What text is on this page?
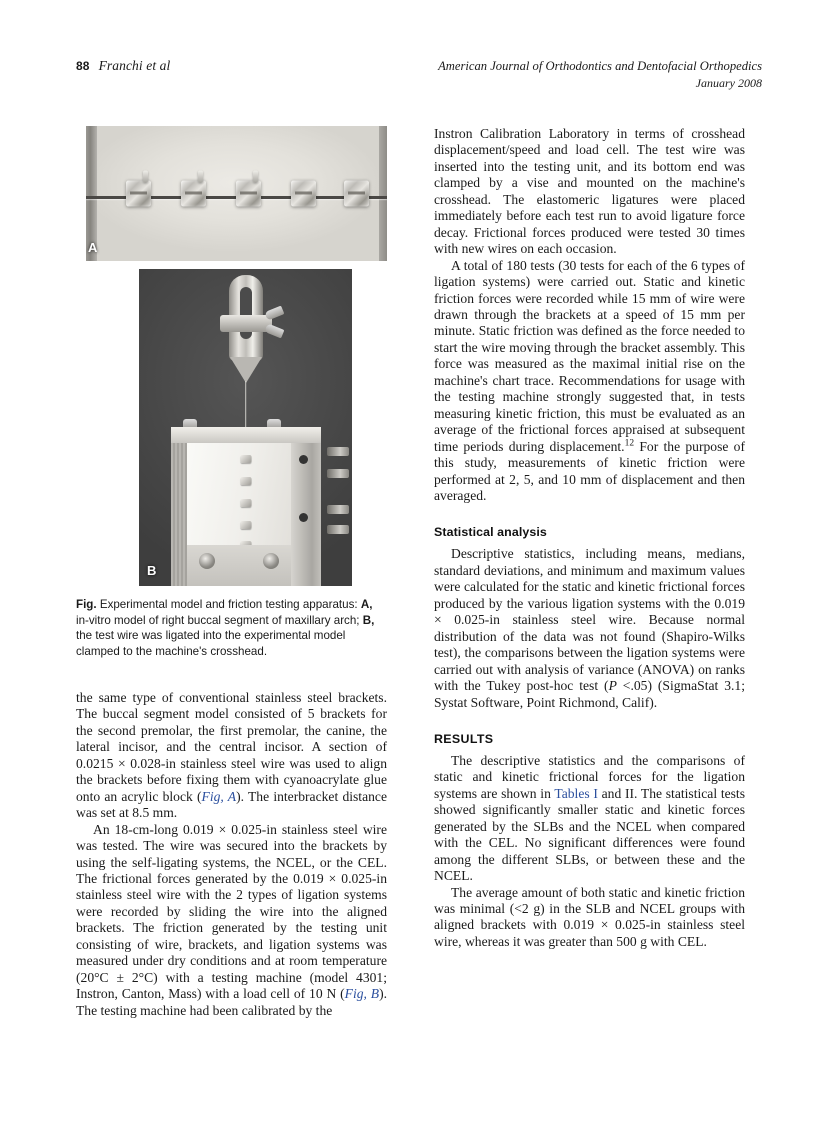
88 Franchi et al	American Journal of Orthodontics and Dentofacial Orthopedics
January 2008
A
B
Fig. Experimental model and friction testing apparatus: A, in-vitro model of right buccal segment of maxillary arch; B, the test wire was ligated into the experimental model clamped to the machine's crosshead.

the same type of conventional stainless steel brackets. The buccal segment model consisted of 5 brackets for the second premolar, the first premolar, the canine, the lateral incisor, and the central incisor. A section of 0.0215 × 0.028-in stainless steel wire was used to align the brackets before fixing them with cyanoacrylate glue onto an acrylic block (Fig, A). The interbracket distance was set at 8.5 mm.

An 18-cm-long 0.019 × 0.025-in stainless steel wire was tested. The wire was secured into the brackets by using the self-ligating systems, the NCEL, or the CEL. The frictional forces generated by the 0.019 × 0.025-in stainless steel wire with the 2 types of ligation systems were recorded by sliding the wire into the aligned brackets. The friction generated by the testing unit consisting of wire, brackets, and ligation systems was measured under dry conditions and at room temperature (20°C ± 2°C) with a testing machine (model 4301; Instron, Canton, Mass) with a load cell of 10 N (Fig, B). The testing machine had been calibrated by the

Instron Calibration Laboratory in terms of crosshead displacement/speed and load cell. The test wire was inserted into the testing unit, and its bottom end was clamped by a vise and mounted on the machine's crosshead. The elastomeric ligatures were placed immediately before each test run to avoid ligature force decay. Frictional forces produced were tested 30 times with new wires on each occasion.

A total of 180 tests (30 tests for each of the 6 types of ligation systems) were carried out. Static and kinetic friction forces were recorded while 15 mm of wire were drawn through the brackets at a speed of 15 mm per minute. Static friction was defined as the force needed to start the wire moving through the bracket assembly. This force was measured as the maximal initial rise on the machine's chart trace. Recommendations for usage with the testing machine strongly suggested that, in tests measuring kinetic friction, this must be evaluated as an average of the frictional forces appraised at subsequent time periods during displacement.$^{12}$ For the purpose of this study, measurements of kinetic friction were performed at 2, 5, and 10 mm of displacement and then averaged.

Statistical analysis

Descriptive statistics, including means, medians, standard deviations, and minimum and maximum values were calculated for the static and kinetic frictional forces produced by the various ligation systems with the 0.019 × 0.025-in stainless steel wire. Because normal distribution of the data was not found (Shapiro-Wilks test), the comparisons between the ligation systems were carried out with analysis of variance (ANOVA) on ranks with the Tukey post-hoc test (P <.05) (SigmaStat 3.1; Systat Software, Point Richmond, Calif).

RESULTS

The descriptive statistics and the comparisons of static and kinetic frictional forces for the ligation systems are shown in Tables I and II. The statistical tests showed significantly smaller static and kinetic forces generated by the SLBs and the NCEL when compared with the CEL. No significant differences were found among the different SLBs, or between these and the NCEL.

The average amount of both static and kinetic friction was minimal (<2 g) in the SLB and NCEL groups with aligned brackets with 0.019 × 0.025-in stainless steel wire, whereas it was greater than 500 g with CEL.
